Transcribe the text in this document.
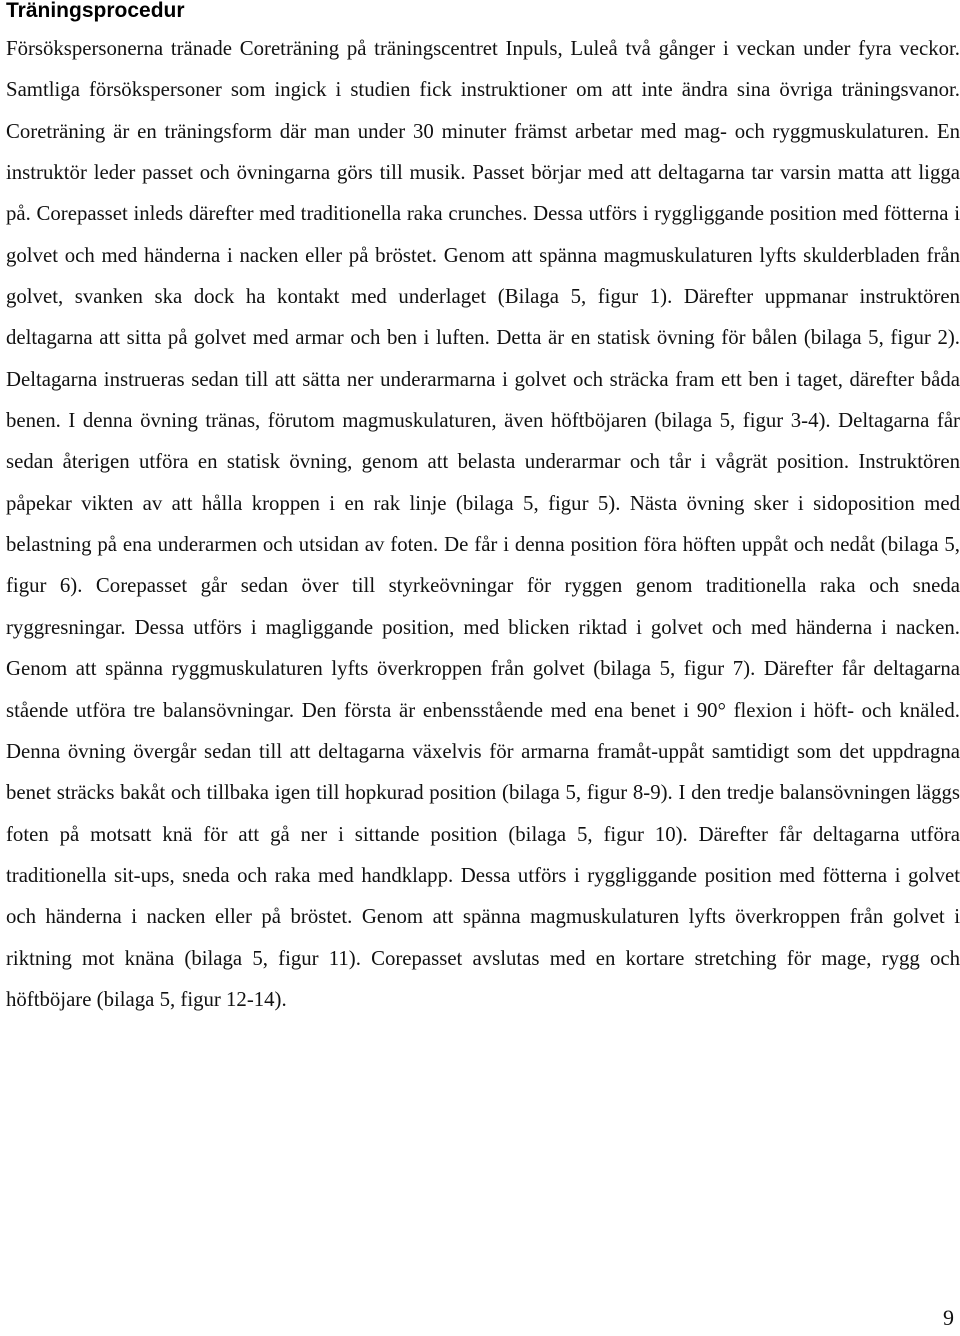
Träningsprocedur

Försökspersonerna tränade Coreträning på träningscentret Inpuls, Luleå två gånger i veckan under fyra veckor. Samtliga försökspersoner som ingick i studien fick instruktioner om att inte ändra sina övriga träningsvanor. Coreträning är en träningsform där man under 30 minuter främst arbetar med mag- och ryggmuskulaturen. En instruktör leder passet och övningarna görs till musik. Passet börjar med att deltagarna tar varsin matta att ligga på. Corepasset inleds därefter med traditionella raka crunches. Dessa utförs i ryggliggande position med fötterna i golvet och med händerna i nacken eller på bröstet. Genom att spänna magmuskulaturen lyfts skulderbladen från golvet, svanken ska dock ha kontakt med underlaget (Bilaga 5, figur 1). Därefter uppmanar instruktören deltagarna att sitta på golvet med armar och ben i luften. Detta är en statisk övning för bålen (bilaga 5, figur 2). Deltagarna instrueras sedan till att sätta ner underarmarna i golvet och sträcka fram ett ben i taget, därefter båda benen. I denna övning tränas, förutom magmuskulaturen, även höftböjaren (bilaga 5, figur 3-4). Deltagarna får sedan återigen utföra en statisk övning, genom att belasta underarmar och tår i vågrät position. Instruktören påpekar vikten av att hålla kroppen i en rak linje (bilaga 5, figur 5). Nästa övning sker i sidoposition med belastning på ena underarmen och utsidan av foten. De får i denna position föra höften uppåt och nedåt (bilaga 5, figur 6). Corepasset går sedan över till styrkeövningar för ryggen genom traditionella raka och sneda ryggresningar. Dessa utförs i magliggande position, med blicken riktad i golvet och med händerna i nacken. Genom att spänna ryggmuskulaturen lyfts överkroppen från golvet (bilaga 5, figur 7). Därefter får deltagarna stående utföra tre balansövningar. Den första är enbensstående med ena benet i 90° flexion i höft- och knäled. Denna övning övergår sedan till att deltagarna växelvis för armarna framåt-uppåt samtidigt som det uppdragna benet sträcks bakåt och tillbaka igen till hopkurad position (bilaga 5, figur 8-9). I den tredje balansövningen läggs foten på motsatt knä för att gå ner i sittande position (bilaga 5, figur 10). Därefter får deltagarna utföra traditionella sit-ups, sneda och raka med handklapp. Dessa utförs i ryggliggande position med fötterna i golvet och händerna i nacken eller på bröstet. Genom att spänna magmuskulaturen lyfts överkroppen från golvet i riktning mot knäna (bilaga 5, figur 11). Corepasset avslutas med en kortare stretching för mage, rygg och höftböjare (bilaga 5, figur 12-14).

9
